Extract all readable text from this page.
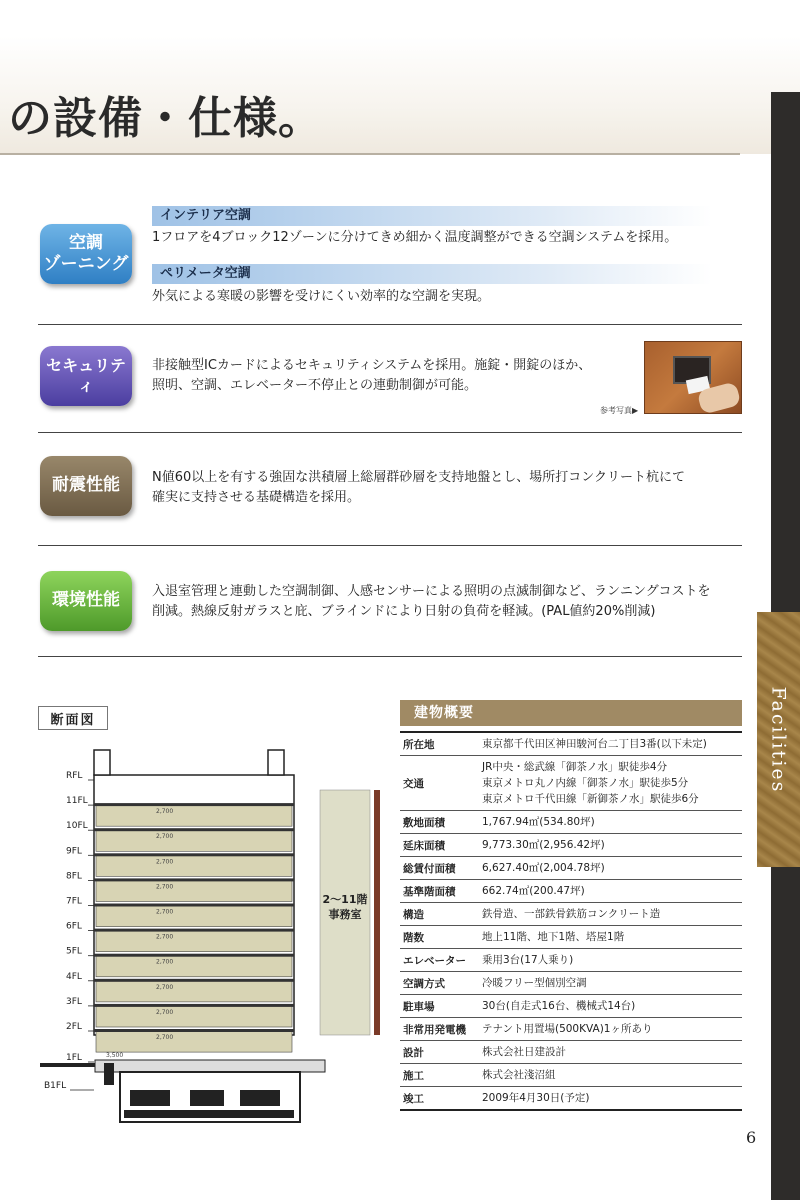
の設備・仕様。
Facilities
空調
ゾーニング
インテリア空調
1フロアを4ブロック12ゾーンに分けてきめ細かく温度調整ができる空調システムを採用。
ペリメータ空調
外気による寒暖の影響を受けにくい効率的な空調を実現。
セキュリティ
非接触型ICカードによるセキュリティシステムを採用。施錠・開錠のほか、
照明、空調、エレベーター不停止との連動制御が可能。
参考写真▶
耐震性能 N値60以上を有する強固な洪積層上総層群砂層を支持地盤とし、場所打コンクリート杭にて
確実に支持させる基礎構造を採用。
環境性能 入退室管理と連動した空調制御、人感センサーによる照明の点滅制御など、ランニングコストを
削減。熱線反射ガラスと庇、ブラインドにより日射の負荷を軽減。(PAL値約20%削減)
断面図
2,700
2,700
2,700
2,700
2,700
2,700
2,700
2,700
2,700
2,700
RFL
11FL
10FL
9FL
8FL
7FL
6FL
5FL
4FL
3FL
2FL
1FL
B1FL
2〜11階
事務室
3,500
建物概要
所在地	東京都千代田区神田駿河台二丁目3番(以下未定)
交通
JR中央・総武線「御茶ノ水」駅徒歩4分
東京メトロ丸ノ内線「御茶ノ水」駅徒歩5分
東京メトロ千代田線「新御茶ノ水」駅徒歩6分
敷地面積	1,767.94㎡(534.80坪)
延床面積	9,773.30㎡(2,956.42坪)
総賃付面積	6,627.40㎡(2,004.78坪)
基準階面積	662.74㎡(200.47坪)
構造	鉄骨造、一部鉄骨鉄筋コンクリート造
階数	地上11階、地下1階、塔屋1階
エレベーター	乗用3台(17人乗り)
空調方式	冷暖フリー型個別空調
駐車場	30台(自走式16台、機械式14台)
非常用発電機	テナント用置場(500KVA)1ヶ所あり
設計	株式会社日建設計
施工	株式会社淺沼組
竣工	2009年4月30日(予定)
6
